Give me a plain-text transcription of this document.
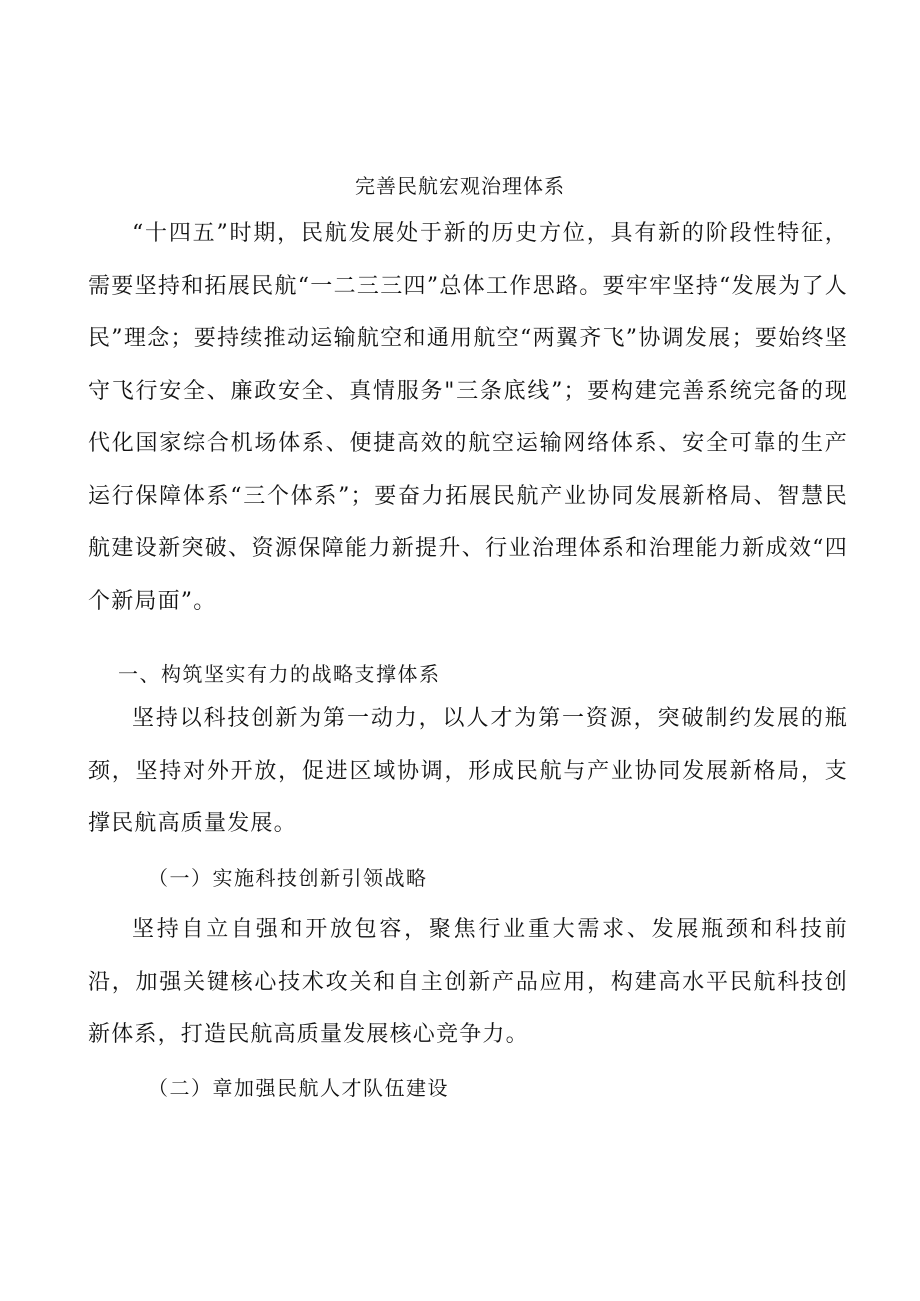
完善民航宏观治理体系

“十四五”时期，民航发展处于新的历史方位，具有新的阶段性特征，需要坚持和拓展民航“一二三三四”总体工作思路。要牢牢坚持“发展为了人民”理念；要持续推动运输航空和通用航空“两翼齐飞”协调发展；要始终坚守飞行安全、廉政安全、真情服务"三条底线”；要构建完善系统完备的现代化国家综合机场体系、便捷高效的航空运输网络体系、安全可靠的生产运行保障体系“三个体系”；要奋力拓展民航产业协同发展新格局、智慧民航建设新突破、资源保障能力新提升、行业治理体系和治理能力新成效“四个新局面”。

一、构筑坚实有力的战略支撑体系

坚持以科技创新为第一动力，以人才为第一资源，突破制约发展的瓶颈，坚持对外开放，促进区域协调，形成民航与产业协同发展新格局，支撑民航高质量发展。

（一）实施科技创新引领战略

坚持自立自强和开放包容，聚焦行业重大需求、发展瓶颈和科技前沿，加强关键核心技术攻关和自主创新产品应用，构建高水平民航科技创新体系，打造民航高质量发展核心竞争力。

（二）章加强民航人才队伍建设
